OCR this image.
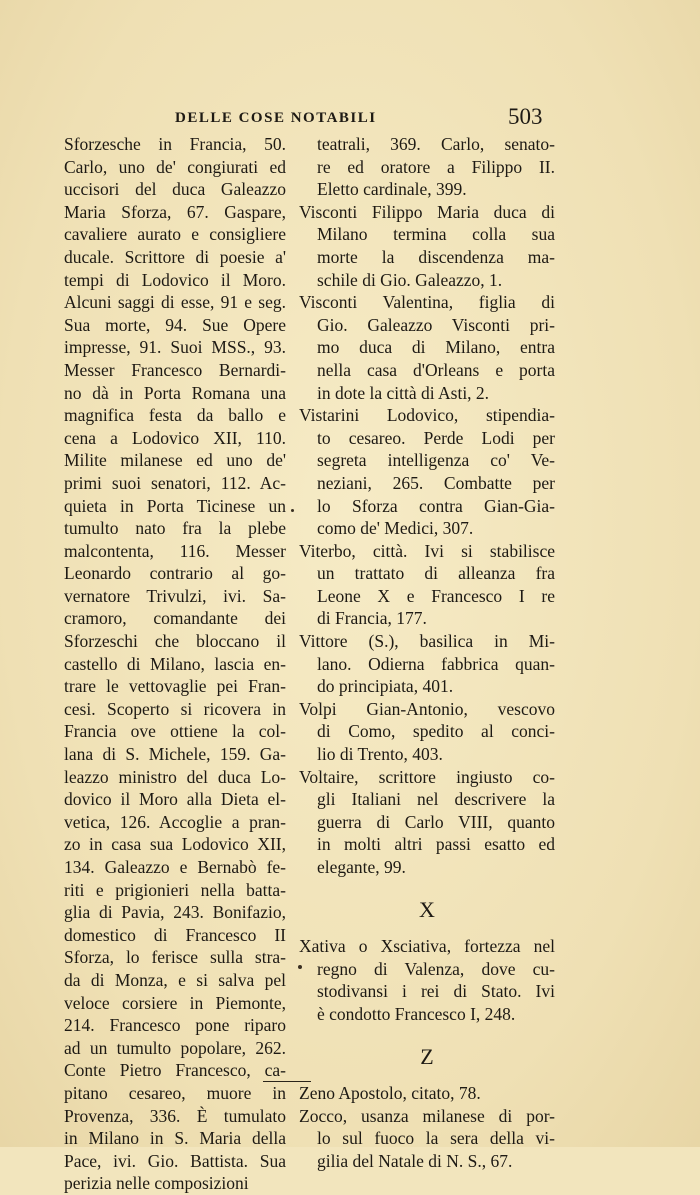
DELLE COSE NOTABILI	503
Sforzesche in Francia, 50.
Carlo, uno de' congiurati ed
uccisori del duca Galeazzo
Maria Sforza, 67. Gaspare,
cavaliere aurato e consigliere
ducale. Scrittore di poesie a'
tempi di Lodovico il Moro.
Alcuni saggi di esse, 91 e seg.
Sua morte, 94. Sue Opere
impresse, 91. Suoi MSS., 93.
Messer Francesco Bernardi-
no dà in Porta Romana una
magnifica festa da ballo e
cena a Lodovico XII, 110.
Milite milanese ed uno de'
primi suoi senatori, 112. Ac-
quieta in Porta Ticinese un
tumulto nato fra la plebe
malcontenta, 116. Messer
Leonardo contrario al go-
vernatore Trivulzi, ivi. Sa-
cramoro, comandante dei
Sforzeschi che bloccano il
castello di Milano, lascia en-
trare le vettovaglie pei Fran-
cesi. Scoperto si ricovera in
Francia ove ottiene la col-
lana di S. Michele, 159. Ga-
leazzo ministro del duca Lo-
dovico il Moro alla Dieta el-
vetica, 126. Accoglie a pran-
zo in casa sua Lodovico XII,
134. Galeazzo e Bernabò fe-
riti e prigionieri nella batta-
glia di Pavia, 243. Bonifazio,
domestico di Francesco II
Sforza, lo ferisce sulla stra-
da di Monza, e si salva pel
veloce corsiere in Piemonte,
214. Francesco pone riparo
ad un tumulto popolare, 262.
Conte Pietro Francesco, ca-
pitano cesareo, muore in
Provenza, 336. È tumulato
in Milano in S. Maria della
Pace, ivi. Gio. Battista. Sua
perizia nelle composizioni
teatrali, 369. Carlo, senato-
re ed oratore a Filippo II.
Eletto cardinale, 399.
Visconti Filippo Maria duca di
Milano termina colla sua
morte la discendenza ma-
schile di Gio. Galeazzo, 1.
Visconti Valentina, figlia di
Gio. Galeazzo Visconti pri-
mo duca di Milano, entra
nella casa d'Orleans e porta
in dote la città di Asti, 2.
Vistarini Lodovico, stipendia-
to cesareo. Perde Lodi per
segreta intelligenza co' Ve-
neziani, 265. Combatte per
lo Sforza contra Gian-Gia-
como de' Medici, 307.
Viterbo, città. Ivi si stabilisce
un trattato di alleanza fra
Leone X e Francesco I re
di Francia, 177.
Vittore (S.), basilica in Mi-
lano. Odierna fabbrica quan-
do principiata, 401.
Volpi Gian-Antonio, vescovo
di Como, spedito al conci-
lio di Trento, 403.
Voltaire, scrittore ingiusto co-
gli Italiani nel descrivere la
guerra di Carlo VIII, quanto
in molti altri passi esatto ed
elegante, 99.
X
Xativa o Xsciativa, fortezza nel
regno di Valenza, dove cu-
stodivansi i rei di Stato. Ivi
è condotto Francesco I, 248.
Z
Zeno Apostolo, citato, 78.
Zocco, usanza milanese di por-
lo sul fuoco la sera della vi-
gilia del Natale di N. S., 67.
